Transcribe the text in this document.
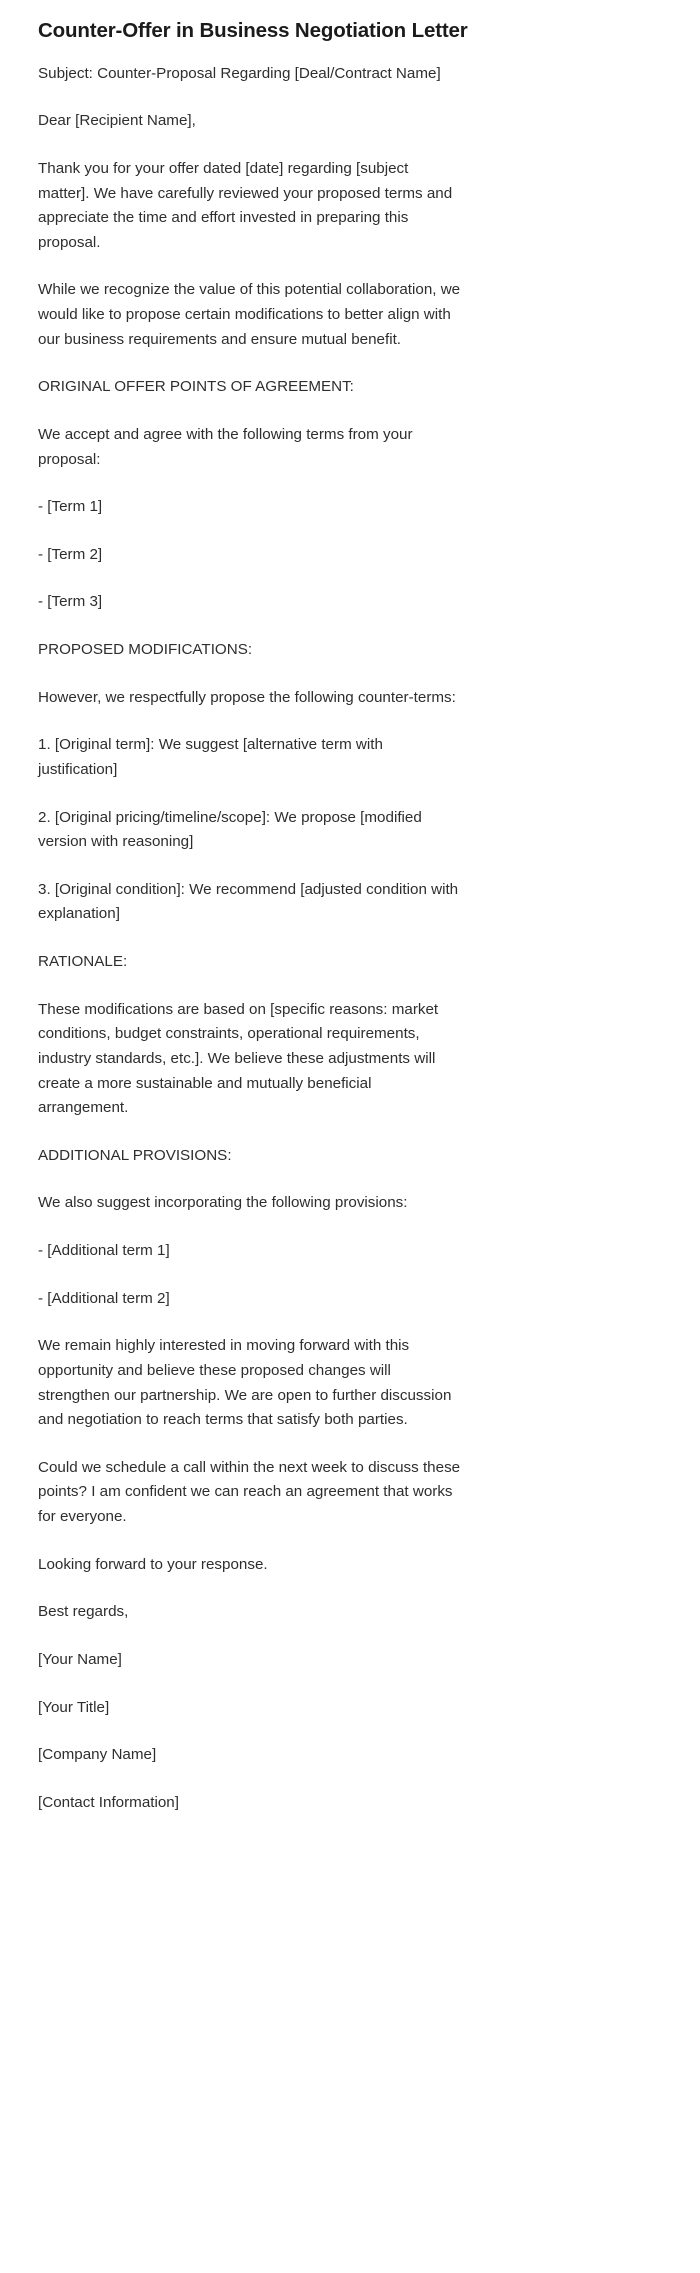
Counter-Offer in Business Negotiation Letter

Subject: Counter-Proposal Regarding [Deal/Contract Name]

Dear [Recipient Name],

Thank you for your offer dated [date] regarding [subject matter]. We have carefully reviewed your proposed terms and appreciate the time and effort invested in preparing this proposal.

While we recognize the value of this potential collaboration, we would like to propose certain modifications to better align with our business requirements and ensure mutual benefit.

ORIGINAL OFFER POINTS OF AGREEMENT:

We accept and agree with the following terms from your proposal:

- [Term 1]

- [Term 2]

- [Term 3]

PROPOSED MODIFICATIONS:

However, we respectfully propose the following counter-terms:

1. [Original term]: We suggest [alternative term with justification]

2. [Original pricing/timeline/scope]: We propose [modified version with reasoning]

3. [Original condition]: We recommend [adjusted condition with explanation]

RATIONALE:

These modifications are based on [specific reasons: market conditions, budget constraints, operational requirements, industry standards, etc.]. We believe these adjustments will create a more sustainable and mutually beneficial arrangement.

ADDITIONAL PROVISIONS:

We also suggest incorporating the following provisions:

- [Additional term 1]

- [Additional term 2]

We remain highly interested in moving forward with this opportunity and believe these proposed changes will strengthen our partnership. We are open to further discussion and negotiation to reach terms that satisfy both parties.

Could we schedule a call within the next week to discuss these points? I am confident we can reach an agreement that works for everyone.

Looking forward to your response.

Best regards,

[Your Name]

[Your Title]

[Company Name]

[Contact Information]
